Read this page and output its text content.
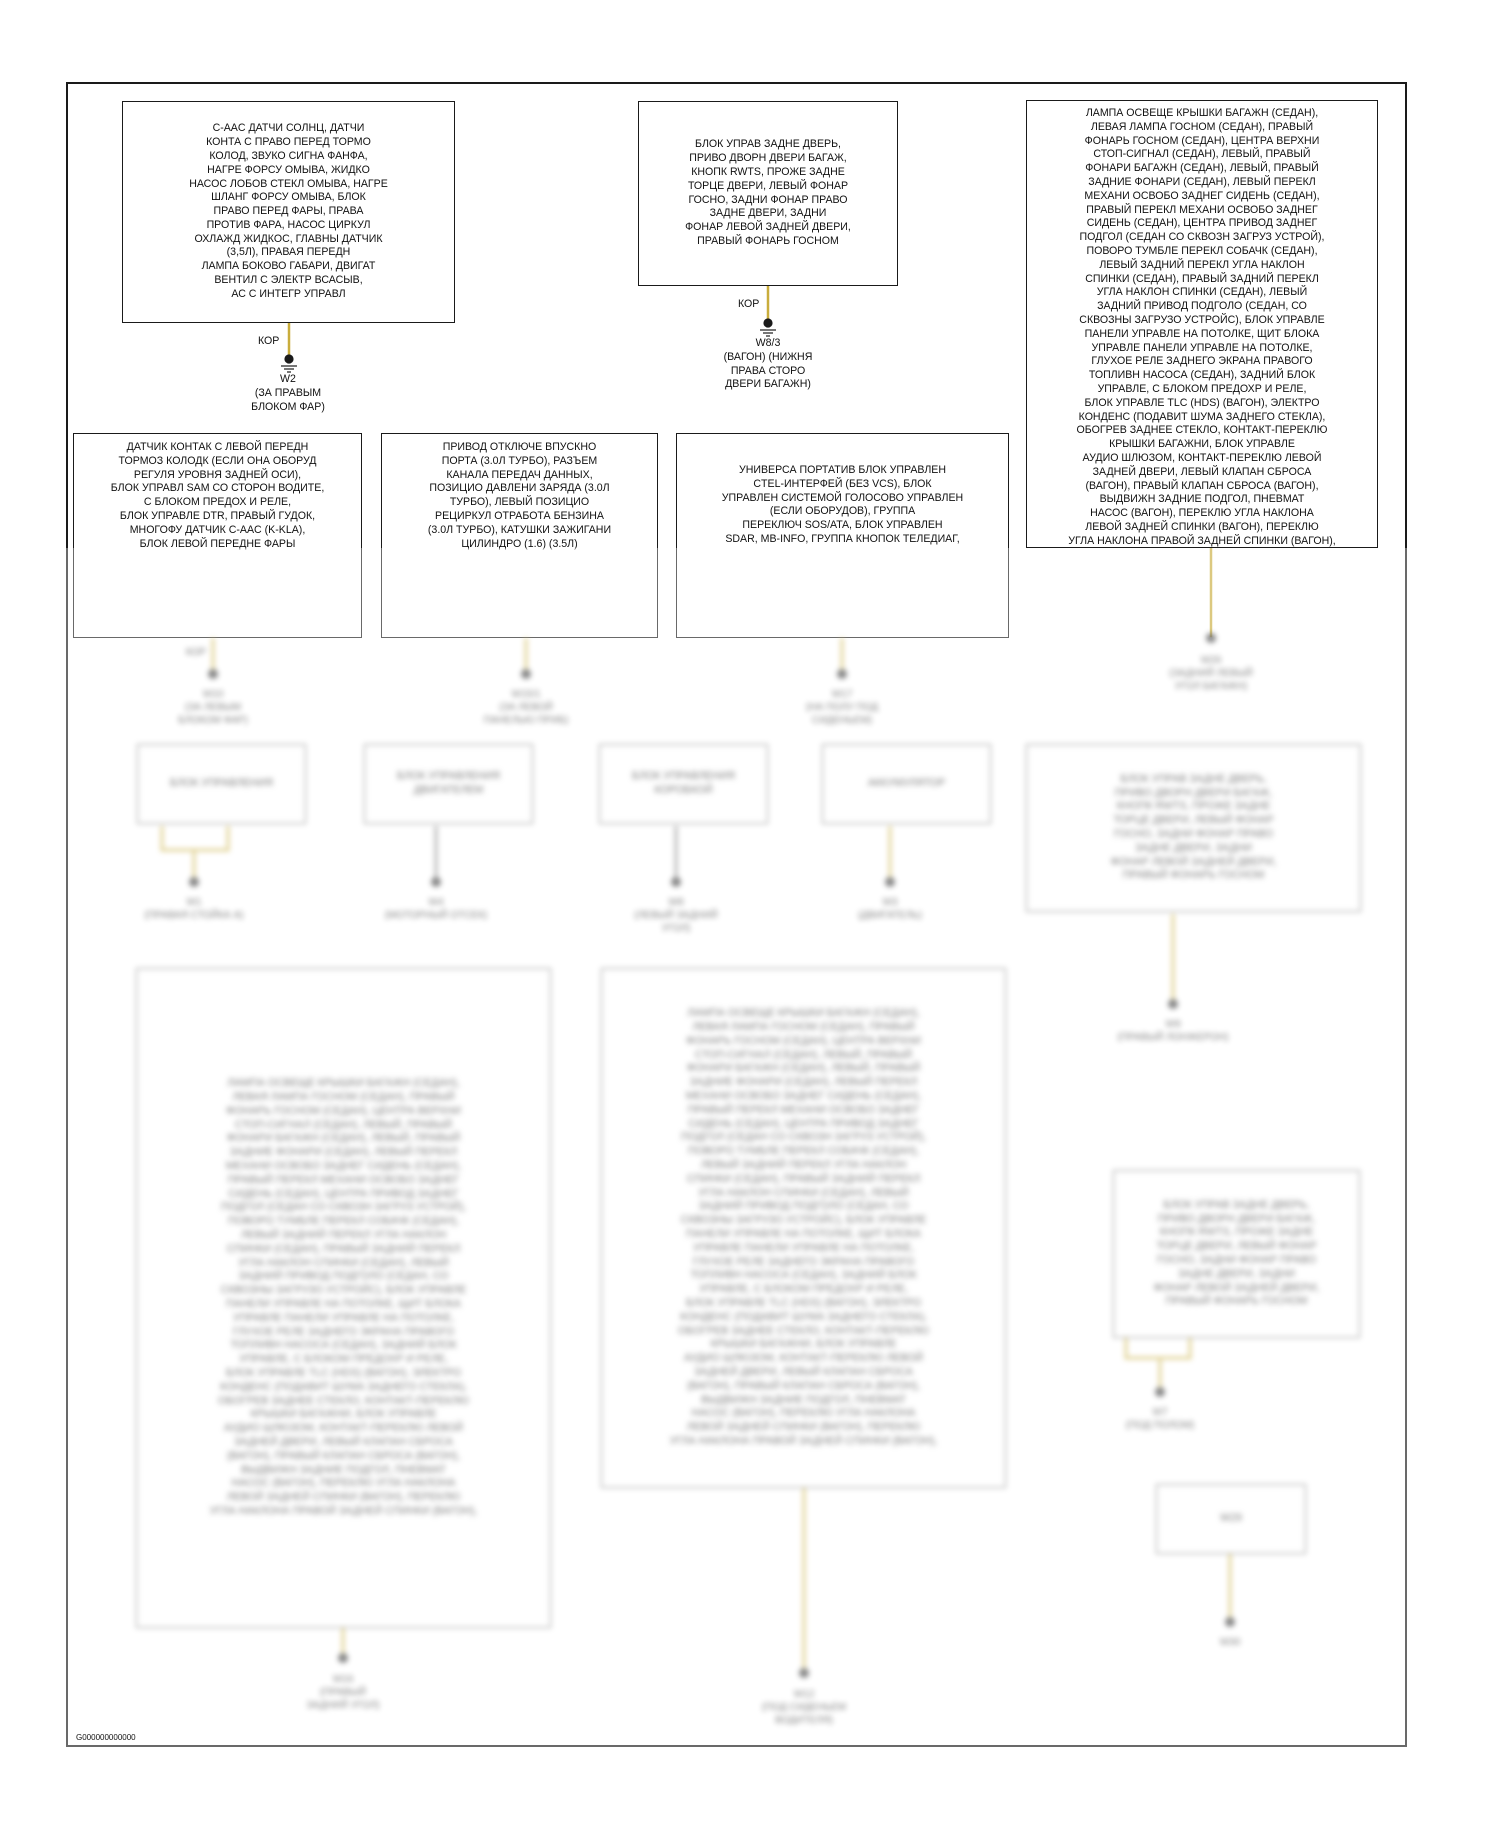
C-AAC ДАТЧИ СОЛНЦ, ДАТЧИ
КОНТА С ПРАВО ПЕРЕД ТОРМО
КОЛОД, ЗВУКО СИГНА ФАНФА,
НАГРЕ ФОРСУ ОМЫВА, ЖИДКО
НАСОС ЛОБОВ СТЕКЛ ОМЫВА, НАГРЕ
ШЛАНГ ФОРСУ ОМЫВА, БЛОК
ПРАВО ПЕРЕД ФАРЫ, ПРАВА
ПРОТИВ ФАРА, НАСОС ЦИРКУЛ
ОХЛАЖД ЖИДКОС, ГЛАВНЫ ДАТЧИК
(3,5Л), ПРАВАЯ ПЕРЕДН
ЛАМПА БОКОВО ГАБАРИ, ДВИГАТ
ВЕНТИЛ С ЭЛЕКТР ВСАСЫВ,
АС С ИНТЕГР УПРАВЛ
БЛОК УПРАВ ЗАДНЕ ДВЕРЬ,
ПРИВО ДВОРН ДВЕРИ БАГАЖ,
КНОПК RWTS, ПРОЖЕ ЗАДНЕ
ТОРЦЕ ДВЕРИ, ЛЕВЫЙ ФОНАР
ГОСНО, ЗАДНИ ФОНАР ПРАВО
ЗАДНЕ ДВЕРИ, ЗАДНИ
ФОНАР ЛЕВОЙ ЗАДНЕЙ ДВЕРИ,
ПРАВЫЙ ФОНАРЬ ГОСНОМ
ЛАМПА ОСВЕЩЕ КРЫШКИ БАГАЖН (СЕДАН),
ЛЕВАЯ ЛАМПА ГОСНОМ (СЕДАН), ПРАВЫЙ
ФОНАРЬ ГОСНОМ (СЕДАН), ЦЕНТРА ВЕРХНИ
СТОП-СИГНАЛ (СЕДАН), ЛЕВЫЙ, ПРАВЫЙ
ФОНАРИ БАГАЖН (СЕДАН), ЛЕВЫЙ, ПРАВЫЙ
ЗАДНИЕ ФОНАРИ (СЕДАН), ЛЕВЫЙ ПЕРЕКЛ
МЕХАНИ ОСВОБО ЗАДНЕГ СИДЕНЬ (СЕДАН),
ПРАВЫЙ ПЕРЕКЛ МЕХАНИ ОСВОБО ЗАДНЕГ
СИДЕНЬ (СЕДАН), ЦЕНТРА ПРИВОД ЗАДНЕГ
ПОДГОЛ (СЕДАН СО СКВОЗН ЗАГРУЗ УСТРОЙ),
ПОВОРО ТУМБЛЕ ПЕРЕКЛ СОБАЧК (СЕДАН),
ЛЕВЫЙ ЗАДНИЙ ПЕРЕКЛ УГЛА НАКЛОН
СПИНКИ (СЕДАН), ПРАВЫЙ ЗАДНИЙ ПЕРЕКЛ
УГЛА НАКЛОН СПИНКИ (СЕДАН), ЛЕВЫЙ
ЗАДНИЙ ПРИВОД ПОДГОЛО (СЕДАН, СО
СКВОЗНЫ ЗАГРУЗО УСТРОЙС), БЛОК УПРАВЛЕ
ПАНЕЛИ УПРАВЛЕ НА ПОТОЛКЕ, ЩИТ БЛОКА
УПРАВЛЕ ПАНЕЛИ УПРАВЛЕ НА ПОТОЛКЕ,
ГЛУХОЕ РЕЛЕ ЗАДНЕГО ЭКРАНА ПРАВОГО
ТОПЛИВН НАСОСА (СЕДАН), ЗАДНИЙ БЛОК
УПРАВЛЕ, С БЛОКОМ ПРЕДОХР И РЕЛЕ,
БЛОК УПРАВЛЕ TLC (HDS) (ВАГОН), ЭЛЕКТРО
КОНДЕНС (ПОДАВИТ ШУМА ЗАДНЕГО СТЕКЛА),
ОБОГРЕВ ЗАДНЕЕ СТЕКЛО, КОНТАКТ-ПЕРЕКЛЮ
КРЫШКИ БАГАЖНИ, БЛОК УПРАВЛЕ
АУДИО ШЛЮЗОМ, КОНТАКТ-ПЕРЕКЛЮ ЛЕВОЙ
ЗАДНЕЙ ДВЕРИ, ЛЕВЫЙ КЛАПАН СБРОСА
(ВАГОН), ПРАВЫЙ КЛАПАН СБРОСА (ВАГОН),
ВЫДВИЖН ЗАДНИЕ ПОДГОЛ, ПНЕВМАТ
НАСОС (ВАГОН), ПЕРЕКЛЮ УГЛА НАКЛОНА
ЛЕВОЙ ЗАДНЕЙ СПИНКИ (ВАГОН), ПЕРЕКЛЮ
УГЛА НАКЛОНА ПРАВОЙ ЗАДНЕЙ СПИНКИ (ВАГОН),
КОР
W2
(ЗА ПРАВЫМ
БЛОКОМ ФАР)
КОР
W8/3
(ВАГОН) (НИЖНЯ
ПРАВА СТОРО
ДВЕРИ БАГАЖН)
ДАТЧИК КОНТАК С ЛЕВОЙ ПЕРЕДН
ТОРМОЗ КОЛОДК (ЕСЛИ ОНА ОБОРУД
РЕГУЛЯ УРОВНЯ ЗАДНЕЙ ОСИ),
БЛОК УПРАВЛ SAM СО СТОРОН ВОДИТЕ,
С БЛОКОМ ПРЕДОХ И РЕЛЕ,
БЛОК УПРАВЛЕ DTR, ПРАВЫЙ ГУДОК,
МНОГОФУ ДАТЧИК C-AAC (K-KLA),
БЛОК ЛЕВОЙ ПЕРЕДНЕ ФАРЫ
ПРИВОД ОТКЛЮЧЕ ВПУСКНО
ПОРТА (3.0Л ТУРБО), РАЗЪЕМ
КАНАЛА ПЕРЕДАЧ ДАННЫХ,
ПОЗИЦИО ДАВЛЕНИ ЗАРЯДА (3.0Л
ТУРБО), ЛЕВЫЙ ПОЗИЦИО
РЕЦИРКУЛ ОТРАБОТА БЕНЗИНА
(3.0Л ТУРБО), КАТУШКИ ЗАЖИГАНИ
ЦИЛИНДРО (1.6) (3.5Л)
УНИВЕРСА ПОРТАТИВ БЛОК УПРАВЛЕН
CTEL-ИНТЕРФЕЙ (БЕЗ VCS), БЛОК
УПРАВЛЕН СИСТЕМОЙ ГОЛОСОВО УПРАВЛЕН
(ЕСЛИ ОБОРУДОВ), ГРУППА
ПЕРЕКЛЮЧ SOS/ATA, БЛОК УПРАВЛЕН
SDAR, MB-INFO, ГРУППА КНОПОК ТЕЛЕДИАГ,
БЛОК УПРАВЛЕНИЯ
БЛОК УПРАВЛЕНИЯ
ДВИГАТЕЛЕМ
БЛОК УПРАВЛЕНИЯ
КОРОБКОЙ
АККУМУЛЯТОР	БЛОК УПРАВ ЗАДНЕ ДВЕРЬ,
ПРИВО ДВОРН ДВЕРИ БАГАЖ,
КНОПК RWTS, ПРОЖЕ ЗАДНЕ
ТОРЦЕ ДВЕРИ, ЛЕВЫЙ ФОНАР
ГОСНО, ЗАДНИ ФОНАР ПРАВО
ЗАДНЕ ДВЕРИ, ЗАДНИ
ФОНАР ЛЕВОЙ ЗАДНЕЙ ДВЕРИ,
ПРАВЫЙ ФОНАРЬ ГОСНОМ
ЛАМПА ОСВЕЩЕ КРЫШКИ БАГАЖН (СЕДАН),
ЛЕВАЯ ЛАМПА ГОСНОМ (СЕДАН), ПРАВЫЙ
ФОНАРЬ ГОСНОМ (СЕДАН), ЦЕНТРА ВЕРХНИ
СТОП-СИГНАЛ (СЕДАН), ЛЕВЫЙ, ПРАВЫЙ
ФОНАРИ БАГАЖН (СЕДАН), ЛЕВЫЙ, ПРАВЫЙ
ЗАДНИЕ ФОНАРИ (СЕДАН), ЛЕВЫЙ ПЕРЕКЛ
МЕХАНИ ОСВОБО ЗАДНЕГ СИДЕНЬ (СЕДАН),
ПРАВЫЙ ПЕРЕКЛ МЕХАНИ ОСВОБО ЗАДНЕГ
СИДЕНЬ (СЕДАН), ЦЕНТРА ПРИВОД ЗАДНЕГ
ПОДГОЛ (СЕДАН СО СКВОЗН ЗАГРУЗ УСТРОЙ),
ПОВОРО ТУМБЛЕ ПЕРЕКЛ СОБАЧК (СЕДАН),
ЛЕВЫЙ ЗАДНИЙ ПЕРЕКЛ УГЛА НАКЛОН
СПИНКИ (СЕДАН), ПРАВЫЙ ЗАДНИЙ ПЕРЕКЛ
УГЛА НАКЛОН СПИНКИ (СЕДАН), ЛЕВЫЙ
ЗАДНИЙ ПРИВОД ПОДГОЛО (СЕДАН, СО
СКВОЗНЫ ЗАГРУЗО УСТРОЙС), БЛОК УПРАВЛЕ
ПАНЕЛИ УПРАВЛЕ НА ПОТОЛКЕ, ЩИТ БЛОКА
УПРАВЛЕ ПАНЕЛИ УПРАВЛЕ НА ПОТОЛКЕ,
ГЛУХОЕ РЕЛЕ ЗАДНЕГО ЭКРАНА ПРАВОГО
ТОПЛИВН НАСОСА (СЕДАН), ЗАДНИЙ БЛОК
УПРАВЛЕ, С БЛОКОМ ПРЕДОХР И РЕЛЕ,
БЛОК УПРАВЛЕ TLC (HDS) (ВАГОН), ЭЛЕКТРО
КОНДЕНС (ПОДАВИТ ШУМА ЗАДНЕГО СТЕКЛА),
ОБОГРЕВ ЗАДНЕЕ СТЕКЛО, КОНТАКТ-ПЕРЕКЛЮ
КРЫШКИ БАГАЖНИ, БЛОК УПРАВЛЕ
АУДИО ШЛЮЗОМ, КОНТАКТ-ПЕРЕКЛЮ ЛЕВОЙ
ЗАДНЕЙ ДВЕРИ, ЛЕВЫЙ КЛАПАН СБРОСА
(ВАГОН), ПРАВЫЙ КЛАПАН СБРОСА (ВАГОН),
ВЫДВИЖН ЗАДНИЕ ПОДГОЛ, ПНЕВМАТ
НАСОС (ВАГОН), ПЕРЕКЛЮ УГЛА НАКЛОНА
ЛЕВОЙ ЗАДНЕЙ СПИНКИ (ВАГОН), ПЕРЕКЛЮ
УГЛА НАКЛОНА ПРАВОЙ ЗАДНЕЙ СПИНКИ (ВАГОН),
ЛАМПА ОСВЕЩЕ КРЫШКИ БАГАЖН (СЕДАН),
ЛЕВАЯ ЛАМПА ГОСНОМ (СЕДАН), ПРАВЫЙ
ФОНАРЬ ГОСНОМ (СЕДАН), ЦЕНТРА ВЕРХНИ
СТОП-СИГНАЛ (СЕДАН), ЛЕВЫЙ, ПРАВЫЙ
ФОНАРИ БАГАЖН (СЕДАН), ЛЕВЫЙ, ПРАВЫЙ
ЗАДНИЕ ФОНАРИ (СЕДАН), ЛЕВЫЙ ПЕРЕКЛ
МЕХАНИ ОСВОБО ЗАДНЕГ СИДЕНЬ (СЕДАН),
ПРАВЫЙ ПЕРЕКЛ МЕХАНИ ОСВОБО ЗАДНЕГ
СИДЕНЬ (СЕДАН), ЦЕНТРА ПРИВОД ЗАДНЕГ
ПОДГОЛ (СЕДАН СО СКВОЗН ЗАГРУЗ УСТРОЙ),
ПОВОРО ТУМБЛЕ ПЕРЕКЛ СОБАЧК (СЕДАН),
ЛЕВЫЙ ЗАДНИЙ ПЕРЕКЛ УГЛА НАКЛОН
СПИНКИ (СЕДАН), ПРАВЫЙ ЗАДНИЙ ПЕРЕКЛ
УГЛА НАКЛОН СПИНКИ (СЕДАН), ЛЕВЫЙ
ЗАДНИЙ ПРИВОД ПОДГОЛО (СЕДАН, СО
СКВОЗНЫ ЗАГРУЗО УСТРОЙС), БЛОК УПРАВЛЕ
ПАНЕЛИ УПРАВЛЕ НА ПОТОЛКЕ, ЩИТ БЛОКА
УПРАВЛЕ ПАНЕЛИ УПРАВЛЕ НА ПОТОЛКЕ,
ГЛУХОЕ РЕЛЕ ЗАДНЕГО ЭКРАНА ПРАВОГО
ТОПЛИВН НАСОСА (СЕДАН), ЗАДНИЙ БЛОК
УПРАВЛЕ, С БЛОКОМ ПРЕДОХР И РЕЛЕ,
БЛОК УПРАВЛЕ TLC (HDS) (ВАГОН), ЭЛЕКТРО
КОНДЕНС (ПОДАВИТ ШУМА ЗАДНЕГО СТЕКЛА),
ОБОГРЕВ ЗАДНЕЕ СТЕКЛО, КОНТАКТ-ПЕРЕКЛЮ
КРЫШКИ БАГАЖНИ, БЛОК УПРАВЛЕ
АУДИО ШЛЮЗОМ, КОНТАКТ-ПЕРЕКЛЮ ЛЕВОЙ
ЗАДНЕЙ ДВЕРИ, ЛЕВЫЙ КЛАПАН СБРОСА
(ВАГОН), ПРАВЫЙ КЛАПАН СБРОСА (ВАГОН),
ВЫДВИЖН ЗАДНИЕ ПОДГОЛ, ПНЕВМАТ
НАСОС (ВАГОН), ПЕРЕКЛЮ УГЛА НАКЛОНА
ЛЕВОЙ ЗАДНЕЙ СПИНКИ (ВАГОН), ПЕРЕКЛЮ
УГЛА НАКЛОНА ПРАВОЙ ЗАДНЕЙ СПИНКИ (ВАГОН),
БЛОК УПРАВ ЗАДНЕ ДВЕРЬ,
ПРИВО ДВОРН ДВЕРИ БАГАЖ,
КНОПК RWTS, ПРОЖЕ ЗАДНЕ
ТОРЦЕ ДВЕРИ, ЛЕВЫЙ ФОНАР
ГОСНО, ЗАДНИ ФОНАР ПРАВО
ЗАДНЕ ДВЕРИ, ЗАДНИ
ФОНАР ЛЕВОЙ ЗАДНЕЙ ДВЕРИ,
ПРАВЫЙ ФОНАРЬ ГОСНОМ
W29
КОР
W10
(ЗА ЛЕВЫМ
БЛОКОМ ФАР)
W15/1
(ЗА ЛЕВОЙ
ПАНЕЛЬЮ ПРИБ)
W17
(НА ПОЛУ ПОД
СИДЕНЬЕМ)
W26
(ЗАДНИЙ ЛЕВЫЙ
УГОЛ БАГАЖН)
W1
(ПРАВАЯ СТОЙКА А)
W4
(МОТОРНЫЙ ОТСЕК)
W8
(ЛЕВЫЙ ЗАДНИЙ
УГОЛ)
W3
(ДВИГАТЕЛЬ)
W9
(ПРАВЫЙ ЛОНЖЕРОН)
W7
(ПОД ПОЛОМ)
W12
(ПОД СИДЕНЬЕМ
ВОДИТЕЛЯ)
W16
(ПРАВЫЙ
ЗАДНИЙ УГОЛ)
W30
G000000000000
